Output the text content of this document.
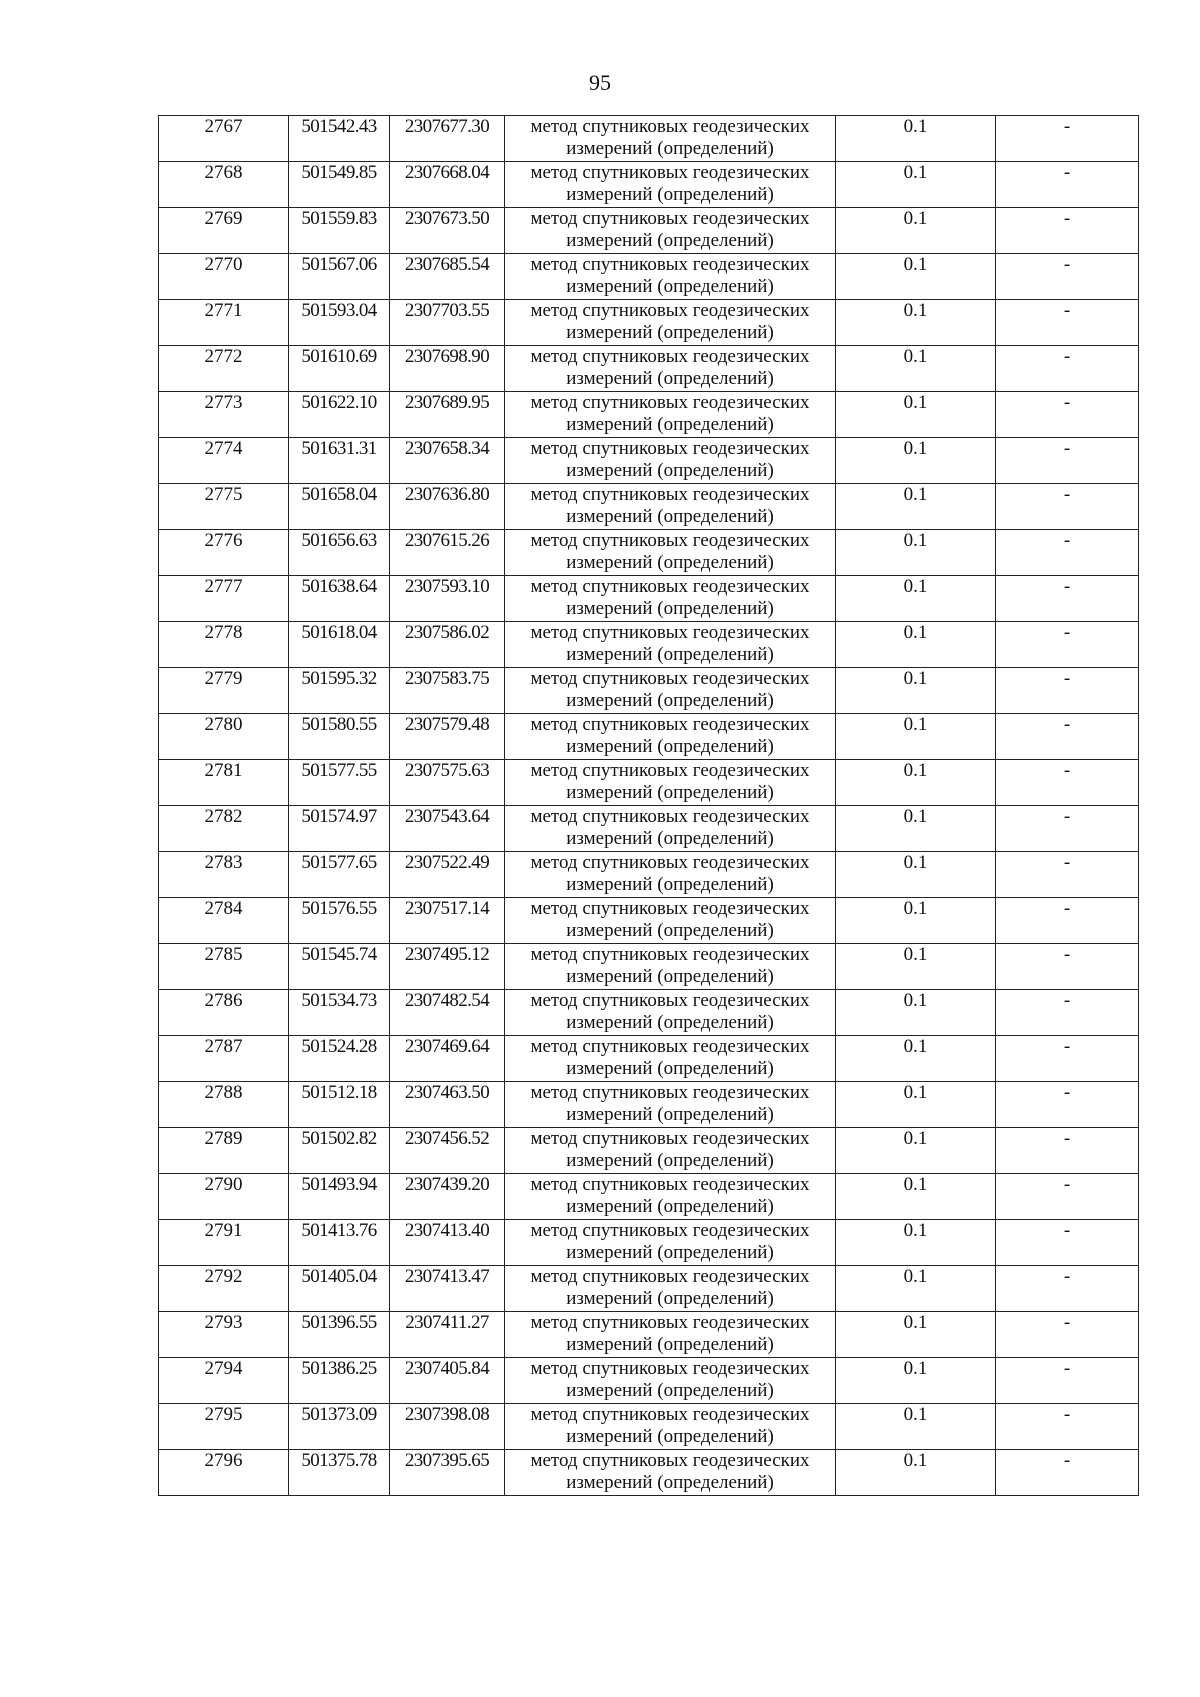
95
2767	501542.43	2307677.30	метод спутниковых геодезических
измерений (определений)	0.1	-
2768	501549.85	2307668.04	метод спутниковых геодезических
измерений (определений)	0.1	-
2769	501559.83	2307673.50	метод спутниковых геодезических
измерений (определений)	0.1	-
2770	501567.06	2307685.54	метод спутниковых геодезических
измерений (определений)	0.1	-
2771	501593.04	2307703.55	метод спутниковых геодезических
измерений (определений)	0.1	-
2772	501610.69	2307698.90	метод спутниковых геодезических
измерений (определений)	0.1	-
2773	501622.10	2307689.95	метод спутниковых геодезических
измерений (определений)	0.1	-
2774	501631.31	2307658.34	метод спутниковых геодезических
измерений (определений)	0.1	-
2775	501658.04	2307636.80	метод спутниковых геодезических
измерений (определений)	0.1	-
2776	501656.63	2307615.26	метод спутниковых геодезических
измерений (определений)	0.1	-
2777	501638.64	2307593.10	метод спутниковых геодезических
измерений (определений)	0.1	-
2778	501618.04	2307586.02	метод спутниковых геодезических
измерений (определений)	0.1	-
2779	501595.32	2307583.75	метод спутниковых геодезических
измерений (определений)	0.1	-
2780	501580.55	2307579.48	метод спутниковых геодезических
измерений (определений)	0.1	-
2781	501577.55	2307575.63	метод спутниковых геодезических
измерений (определений)	0.1	-
2782	501574.97	2307543.64	метод спутниковых геодезических
измерений (определений)	0.1	-
2783	501577.65	2307522.49	метод спутниковых геодезических
измерений (определений)	0.1	-
2784	501576.55	2307517.14	метод спутниковых геодезических
измерений (определений)	0.1	-
2785	501545.74	2307495.12	метод спутниковых геодезических
измерений (определений)	0.1	-
2786	501534.73	2307482.54	метод спутниковых геодезических
измерений (определений)	0.1	-
2787	501524.28	2307469.64	метод спутниковых геодезических
измерений (определений)	0.1	-
2788	501512.18	2307463.50	метод спутниковых геодезических
измерений (определений)	0.1	-
2789	501502.82	2307456.52	метод спутниковых геодезических
измерений (определений)	0.1	-
2790	501493.94	2307439.20	метод спутниковых геодезических
измерений (определений)	0.1	-
2791	501413.76	2307413.40	метод спутниковых геодезических
измерений (определений)	0.1	-
2792	501405.04	2307413.47	метод спутниковых геодезических
измерений (определений)	0.1	-
2793	501396.55	2307411.27	метод спутниковых геодезических
измерений (определений)	0.1	-
2794	501386.25	2307405.84	метод спутниковых геодезических
измерений (определений)	0.1	-
2795	501373.09	2307398.08	метод спутниковых геодезических
измерений (определений)	0.1	-
2796	501375.78	2307395.65	метод спутниковых геодезических
измерений (определений)	0.1	-
